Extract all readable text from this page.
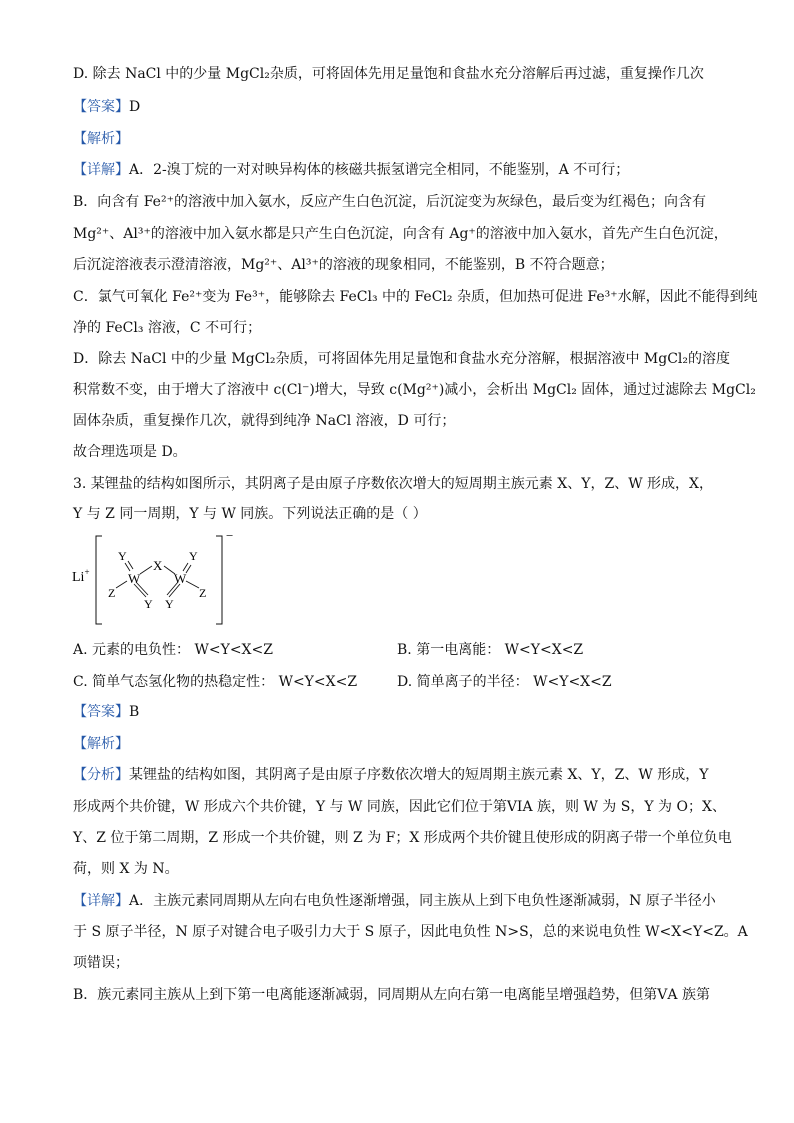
D. 除去 NaCl 中的少量 MgCl₂杂质，可将固体先用足量饱和食盐水充分溶解后再过滤，重复操作几次
【答案】D
【解析】
【详解】A．2-溴丁烷的一对对映异构体的核磁共振氢谱完全相同，不能鉴别，A 不可行；
B．向含有 Fe²⁺的溶液中加入氨水，反应产生白色沉淀，后沉淀变为灰绿色，最后变为红褐色；向含有
Mg²⁺、Al³⁺的溶液中加入氨水都是只产生白色沉淀，向含有 Ag⁺的溶液中加入氨水，首先产生白色沉淀，
后沉淀溶液表示澄清溶液，Mg²⁺、Al³⁺的溶液的现象相同，不能鉴别，B 不符合题意；
C．氯气可氧化 Fe²⁺变为 Fe³⁺，能够除去 FeCl₃ 中的 FeCl₂ 杂质，但加热可促进 Fe³⁺水解，因此不能得到纯
净的 FeCl₃ 溶液，C 不可行；
D．除去 NaCl 中的少量 MgCl₂杂质，可将固体先用足量饱和食盐水充分溶解，根据溶液中 MgCl₂的溶度
积常数不变，由于增大了溶液中 c(Cl⁻)增大，导致 c(Mg²⁺)减小，会析出 MgCl₂ 固体，通过过滤除去 MgCl₂
固体杂质，重复操作几次，就得到纯净 NaCl 溶液，D 可行；
故合理选项是 D。
3. 某锂盐的结构如图所示，其阴离子是由原子序数依次增大的短周期主族元素 X、Y，Z、W 形成，X，
Y 与 Z 同一周期，Y 与 W 同族。下列说法正确的是（ ）
Li+
−
W	W
X
Y	Y
Y Y
Z	Z
A. 元素的电负性： W<Y<X<Z	B. 第一电离能： W<Y<X<Z
C. 简单气态氢化物的热稳定性： W<Y<X<Z	D. 简单离子的半径： W<Y<X<Z
【答案】B
【解析】
【分析】某锂盐的结构如图，其阴离子是由原子序数依次增大的短周期主族元素 X、Y，Z、W 形成，Y
形成两个共价键，W 形成六个共价键，Y 与 W 同族，因此它们位于第VIA 族，则 W 为 S，Y 为 O；X、
Y、Z 位于第二周期，Z 形成一个共价键，则 Z 为 F；X 形成两个共价键且使形成的阴离子带一个单位负电
荷，则 X 为 N。
【详解】A．主族元素同周期从左向右电负性逐渐增强，同主族从上到下电负性逐渐减弱，N 原子半径小
于 S 原子半径，N 原子对键合电子吸引力大于 S 原子，因此电负性 N>S，总的来说电负性 W<X<Y<Z。A
项错误；
B．族元素同主族从上到下第一电离能逐渐减弱，同周期从左向右第一电离能呈增强趋势，但第ⅤA 族第
